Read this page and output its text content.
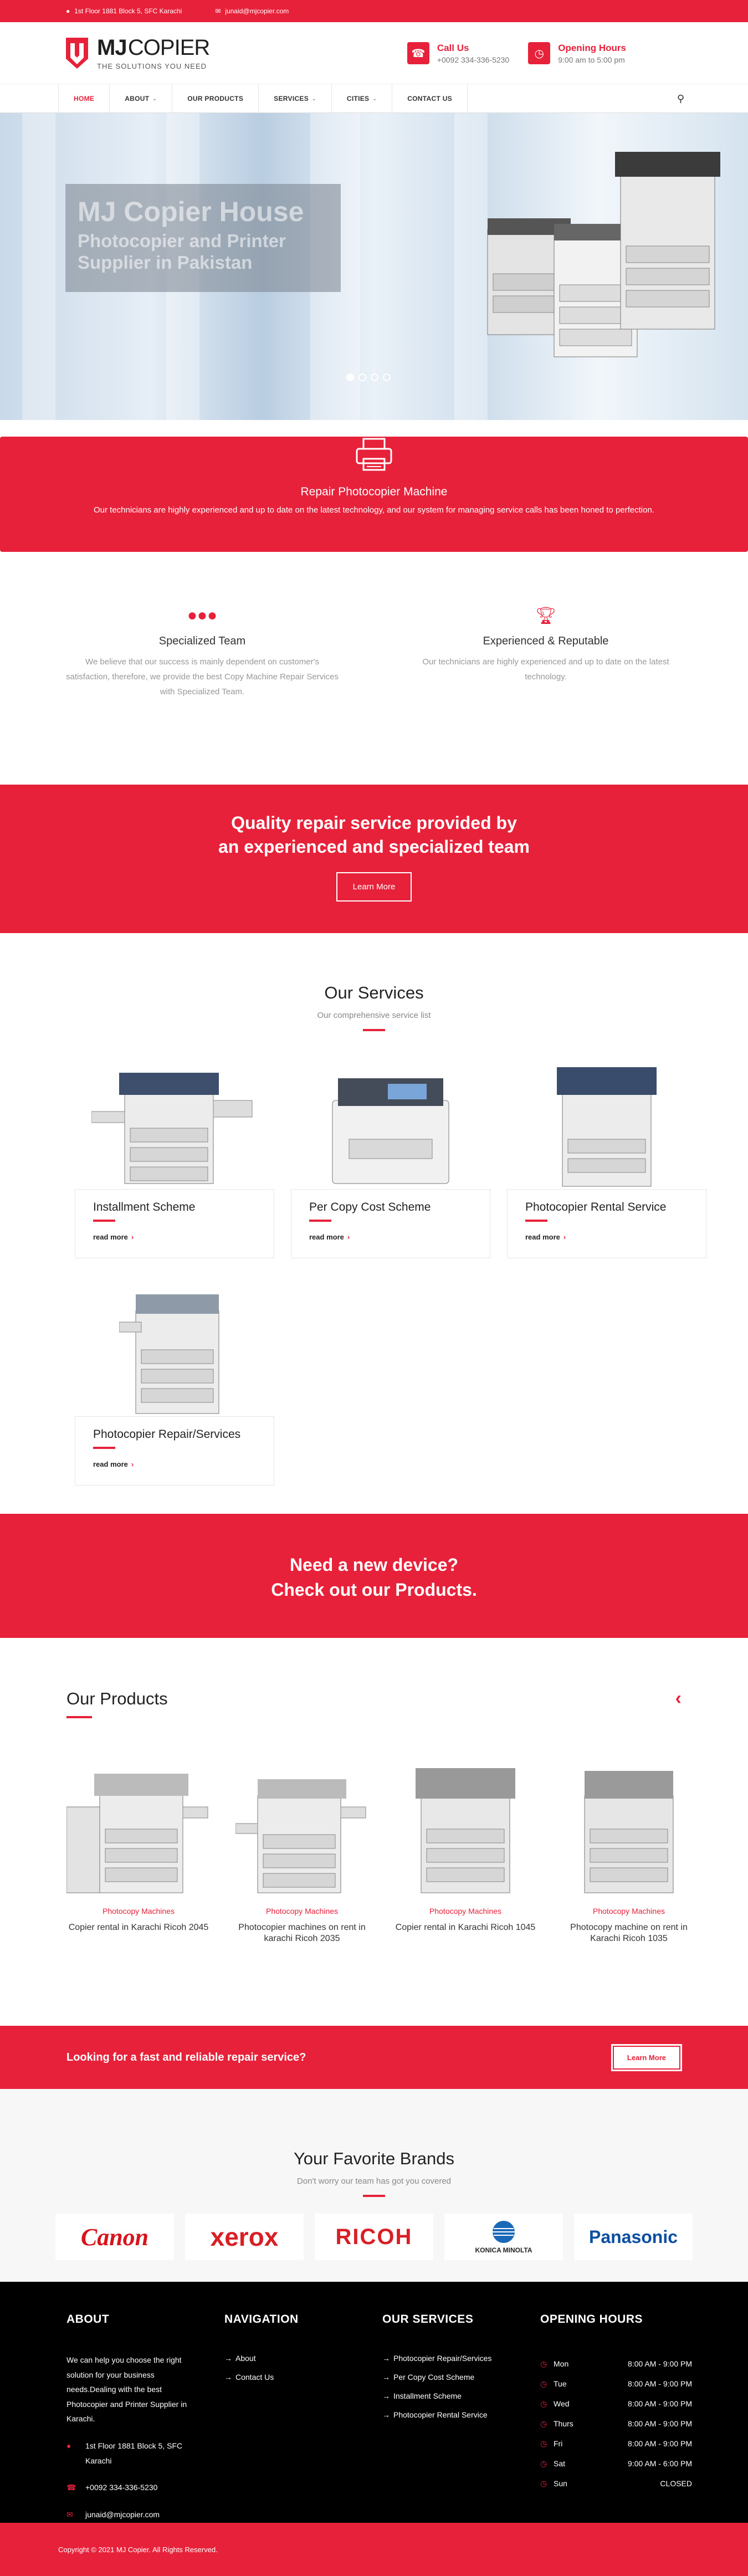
● 1st Floor 1881 Block 5, SFC Karachi	✉ junaid@mjcopier.com
MJ COPIER
THE SOLUTIONS YOU NEED
☎	Call Us
+0092 334-336-5230	◷	Opening Hours
9:00 am to 5:00 pm
HOME	ABOUT ⌄	OUR PRODUCTS	SERVICES ⌄	CITIES ⌄	CONTACT US	⚲
MJ Copier House
Photocopier and Printer Supplier in Pakistan
Repair Photocopier Machine
Our technicians are highly experienced and up to date on the latest technology, and our system for managing service calls has been honed to perfection.
●●●
Specialized Team
We believe that our success is mainly dependent on customer's satisfaction, therefore, we provide the best Copy Machine Repair Services with Specialized Team.
🏆︎
Experienced & Reputable
Our technicians are highly experienced and up to date on the latest technology.
Quality repair service provided by
an experienced and specialized team
Learn More
Our Services
Our comprehensive service list
Installment Scheme
read more ›
Per Copy Cost Scheme
read more ›
Photocopier Rental Service
read more ›
Photocopier Repair/Services
read more ›
Need a new device?
Check out our Products.
Our Products	‹
Photocopy Machines
Copier rental in Karachi Ricoh 2045
Photocopy Machines
Photocopier machines on rent in karachi Ricoh 2035
Photocopy Machines
Copier rental in Karachi Ricoh 1045
Photocopy Machines
Photocopy machine on rent in Karachi Ricoh 1035
Looking for a fast and reliable repair service?	Learn More
Your Favorite Brands
Don't worry our team has got you covered
Canon xerox	RICOH
KONICA MINOLTA
Panasonic
ABOUT
We can help you choose the right solution for your business needs.Dealing with the best Photocopier and Printer Supplier in Karachi.
●	1st Floor 1881 Block 5, SFC Karachi
☎ +0092 334-336-5230
✉	junaid@mjcopier.com
NAVIGATION
→ About
→ Contact Us
OUR SERVICES
→ Photocopier Repair/Services
→ Per Copy Cost Scheme
→ Installment Scheme
→ Photocopier Rental Service
OPENING HOURS
◷ Mon	8:00 AM - 9:00 PM
◷ Tue	8:00 AM - 9:00 PM
◷ Wed	8:00 AM - 9:00 PM
◷ Thurs	8:00 AM - 9:00 PM
◷ Fri	8:00 AM - 9:00 PM
◷ Sat	9:00 AM - 6:00 PM
◷ Sun	CLOSED
Copyright © 2021 MJ Copier. All Rights Reserved.
